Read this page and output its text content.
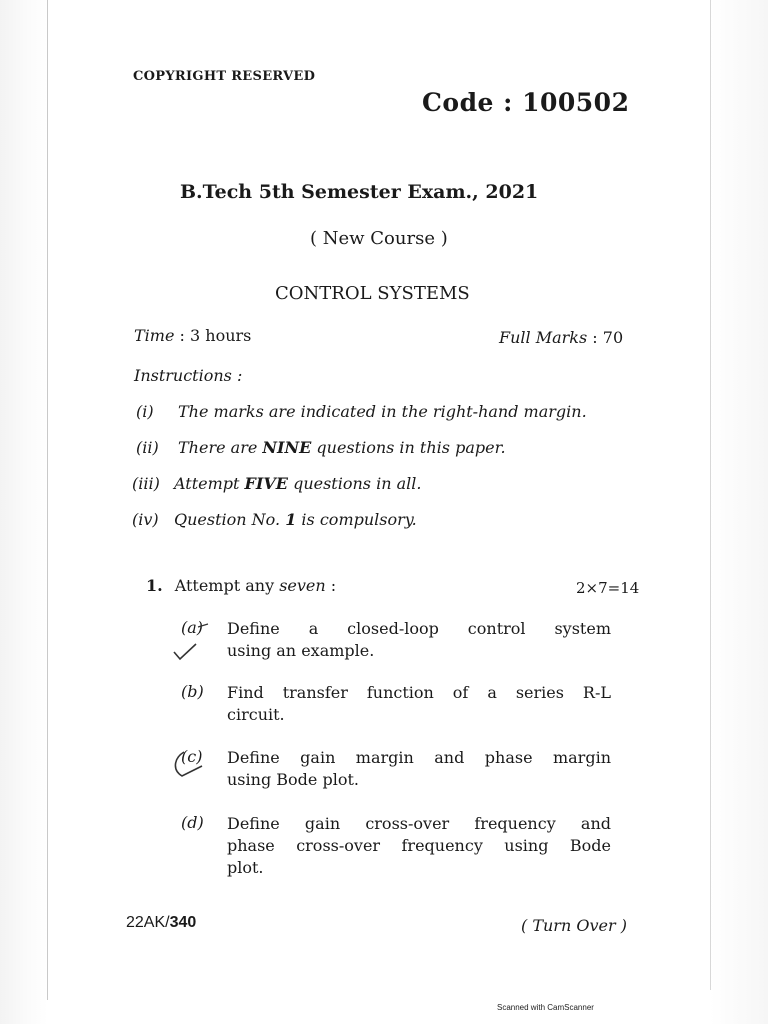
COPYRIGHT RESERVED
Code : 100502
B.Tech 5th Semester Exam., 2021
( New Course )
CONTROL SYSTEMS
Time : 3 hours	Full Marks : 70
Instructions :
(i) The marks are indicated in the right-hand margin.
(ii) There are NINE questions in this paper.
(iii) Attempt FIVE questions in all.
(iv) Question No. 1 is compulsory.
1. Attempt any seven :	2×7=14
(a) Define a closed-loop control system
using an example.
(b) Find transfer function of a series R-L
circuit.
(c) Define gain margin and phase margin
using Bode plot.
(d) Define gain cross-over frequency and
phase cross-over frequency using Bode
plot.
22AK/340	( Turn Over )
Scanned with CamScanner
